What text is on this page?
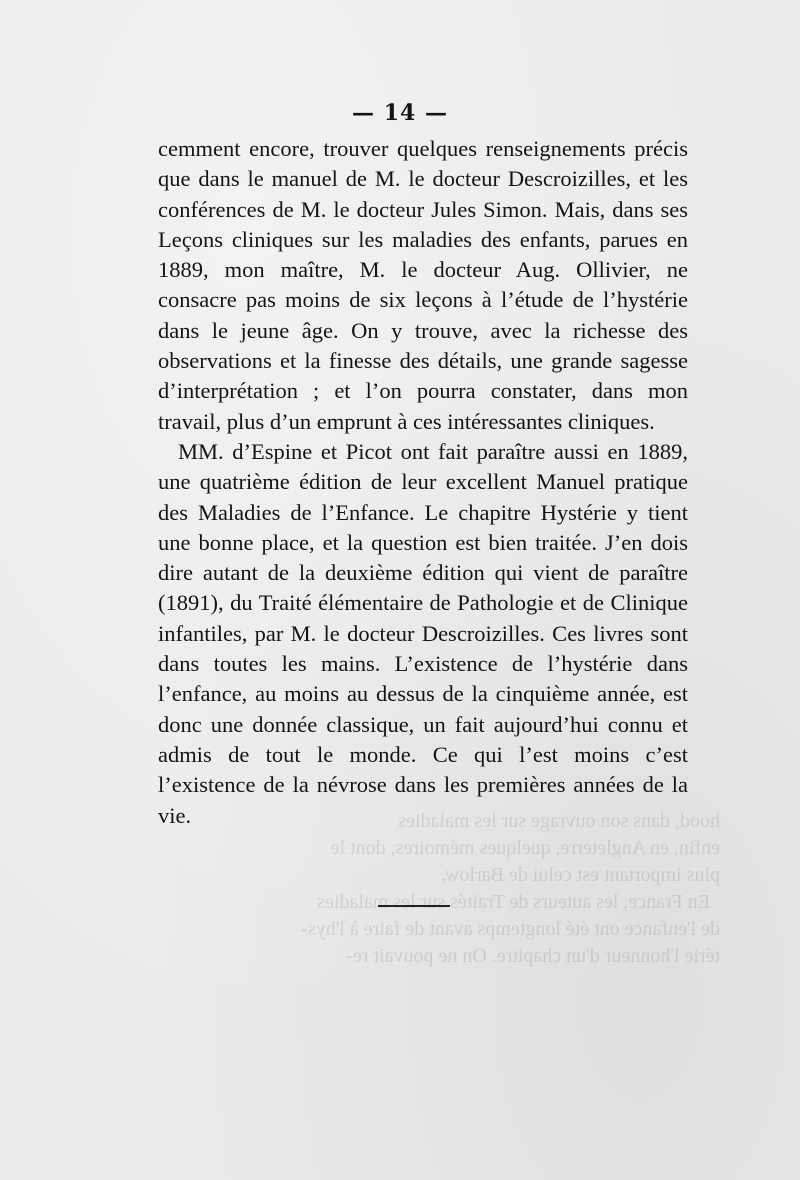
hood, dans son ouvrage sur les maladies
enfin, en Angleterre, quelques mémoires, dont le
plus important est celui de Barlow.
En France, les auteurs de Traités sur les maladies
de l'enfance ont été longtemps avant de faire à l'hys-
térie l'honneur d'un chapitre. On ne pouvait re-
— 14 —

cemment encore, trouver quelques renseignements précis que dans le manuel de M. le docteur Descroizilles, et les conférences de M. le docteur Jules Simon. Mais, dans ses Leçons cliniques sur les maladies des enfants, parues en 1889, mon maître, M. le docteur Aug. Ollivier, ne consacre pas moins de six leçons à l’étude de l’hystérie dans le jeune âge. On y trouve, avec la richesse des observations et la finesse des détails, une grande sagesse d’interprétation ; et l’on pourra constater, dans mon travail, plus d’un emprunt à ces intéressantes cliniques.

MM. d’Espine et Picot ont fait paraître aussi en 1889, une quatrième édition de leur excellent Manuel pratique des Maladies de l’Enfance. Le chapitre Hystérie y tient une bonne place, et la question est bien traitée. J’en dois dire autant de la deuxième édition qui vient de paraître (1891), du Traité élémentaire de Pathologie et de Clinique infantiles, par M. le docteur Descroizilles. Ces livres sont dans toutes les mains. L’existence de l’hystérie dans l’enfance, au moins au dessus de la cinquième année, est donc une donnée classique, un fait aujourd’hui connu et admis de tout le monde. Ce qui l’est moins c’est l’existence de la névrose dans les premières années de la vie.
